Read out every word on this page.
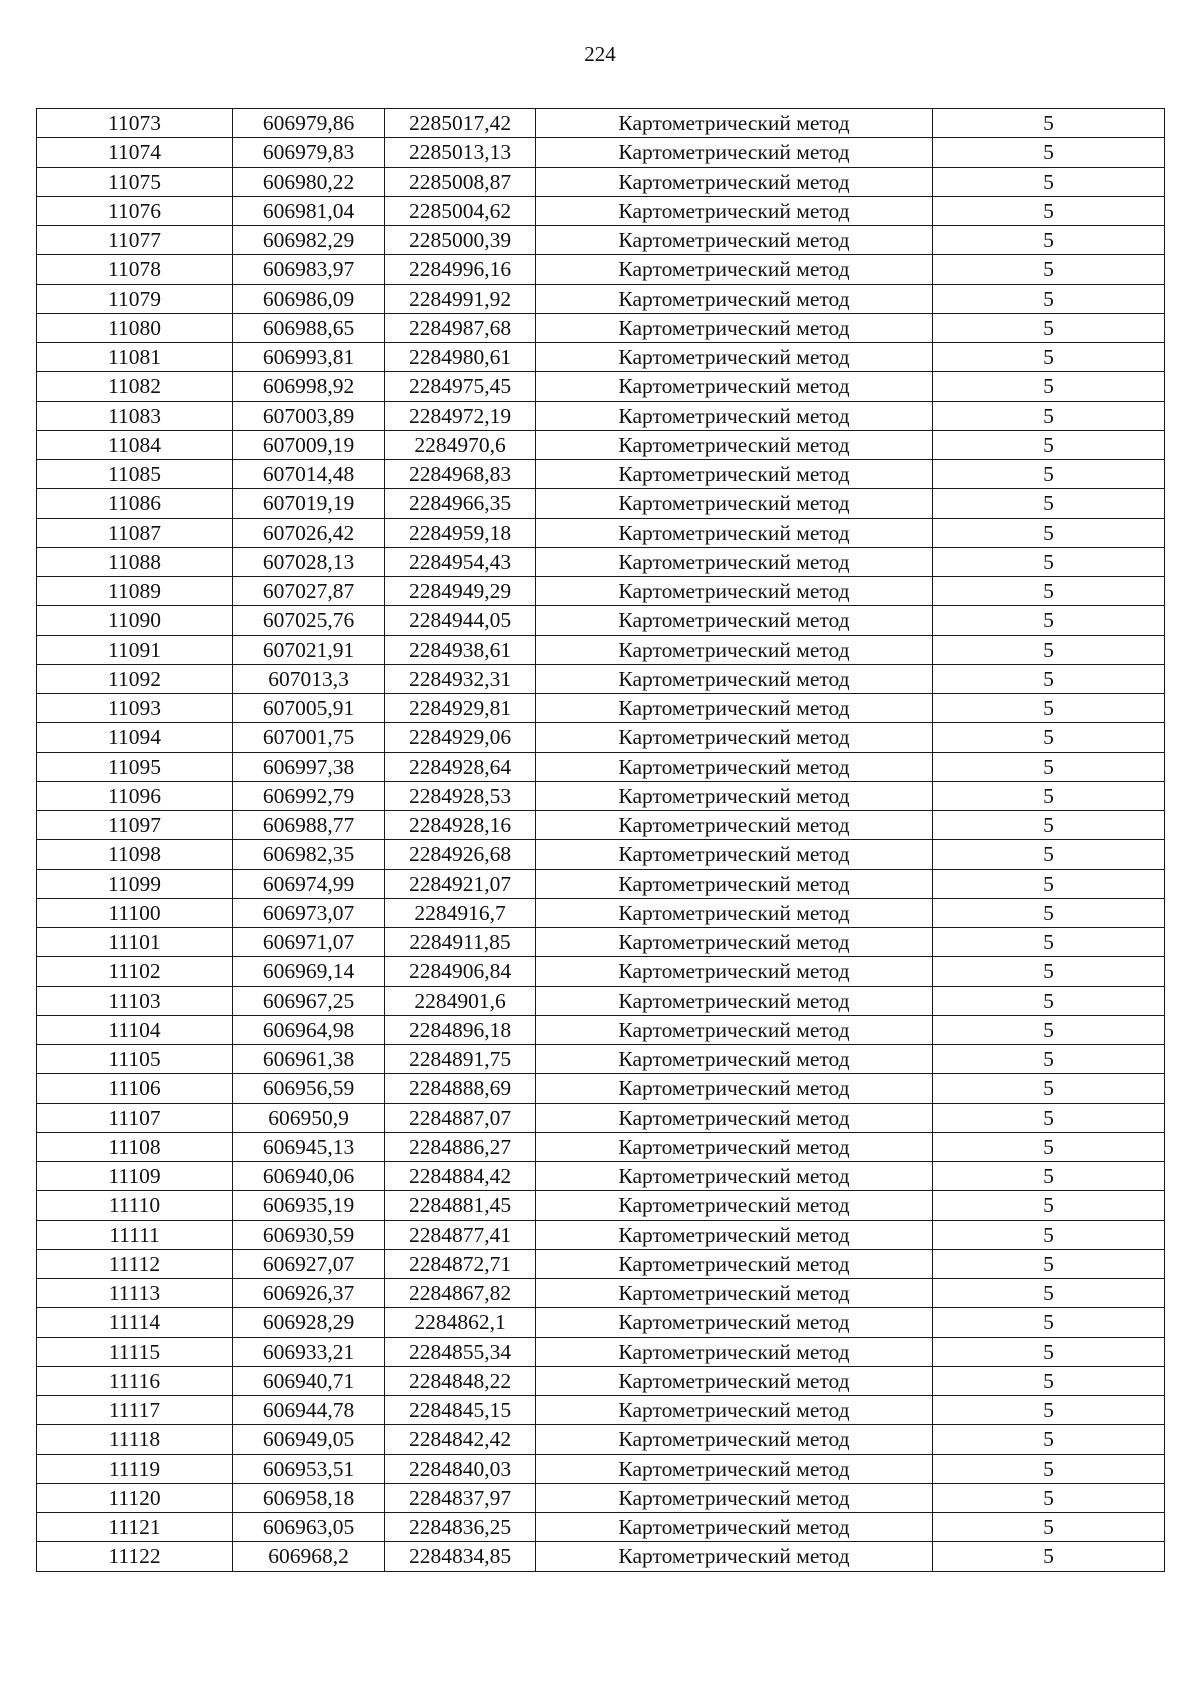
224
11073	606979,86	2285017,42	Картометрический метод	5
11074	606979,83	2285013,13	Картометрический метод	5
11075	606980,22	2285008,87	Картометрический метод	5
11076	606981,04	2285004,62	Картометрический метод	5
11077	606982,29	2285000,39	Картометрический метод	5
11078	606983,97	2284996,16	Картометрический метод	5
11079	606986,09	2284991,92	Картометрический метод	5
11080	606988,65	2284987,68	Картометрический метод	5
11081	606993,81	2284980,61	Картометрический метод	5
11082	606998,92	2284975,45	Картометрический метод	5
11083	607003,89	2284972,19	Картометрический метод	5
11084	607009,19	2284970,6	Картометрический метод	5
11085	607014,48	2284968,83	Картометрический метод	5
11086	607019,19	2284966,35	Картометрический метод	5
11087	607026,42	2284959,18	Картометрический метод	5
11088	607028,13	2284954,43	Картометрический метод	5
11089	607027,87	2284949,29	Картометрический метод	5
11090	607025,76	2284944,05	Картометрический метод	5
11091	607021,91	2284938,61	Картометрический метод	5
11092	607013,3	2284932,31	Картометрический метод	5
11093	607005,91	2284929,81	Картометрический метод	5
11094	607001,75	2284929,06	Картометрический метод	5
11095	606997,38	2284928,64	Картометрический метод	5
11096	606992,79	2284928,53	Картометрический метод	5
11097	606988,77	2284928,16	Картометрический метод	5
11098	606982,35	2284926,68	Картометрический метод	5
11099	606974,99	2284921,07	Картометрический метод	5
11100	606973,07	2284916,7	Картометрический метод	5
11101	606971,07	2284911,85	Картометрический метод	5
11102	606969,14	2284906,84	Картометрический метод	5
11103	606967,25	2284901,6	Картометрический метод	5
11104	606964,98	2284896,18	Картометрический метод	5
11105	606961,38	2284891,75	Картометрический метод	5
11106	606956,59	2284888,69	Картометрический метод	5
11107	606950,9	2284887,07	Картометрический метод	5
11108	606945,13	2284886,27	Картометрический метод	5
11109	606940,06	2284884,42	Картометрический метод	5
11110	606935,19	2284881,45	Картометрический метод	5
11111	606930,59	2284877,41	Картометрический метод	5
11112	606927,07	2284872,71	Картометрический метод	5
11113	606926,37	2284867,82	Картометрический метод	5
11114	606928,29	2284862,1	Картометрический метод	5
11115	606933,21	2284855,34	Картометрический метод	5
11116	606940,71	2284848,22	Картометрический метод	5
11117	606944,78	2284845,15	Картометрический метод	5
11118	606949,05	2284842,42	Картометрический метод	5
11119	606953,51	2284840,03	Картометрический метод	5
11120	606958,18	2284837,97	Картометрический метод	5
11121	606963,05	2284836,25	Картометрический метод	5
11122	606968,2	2284834,85	Картометрический метод	5
